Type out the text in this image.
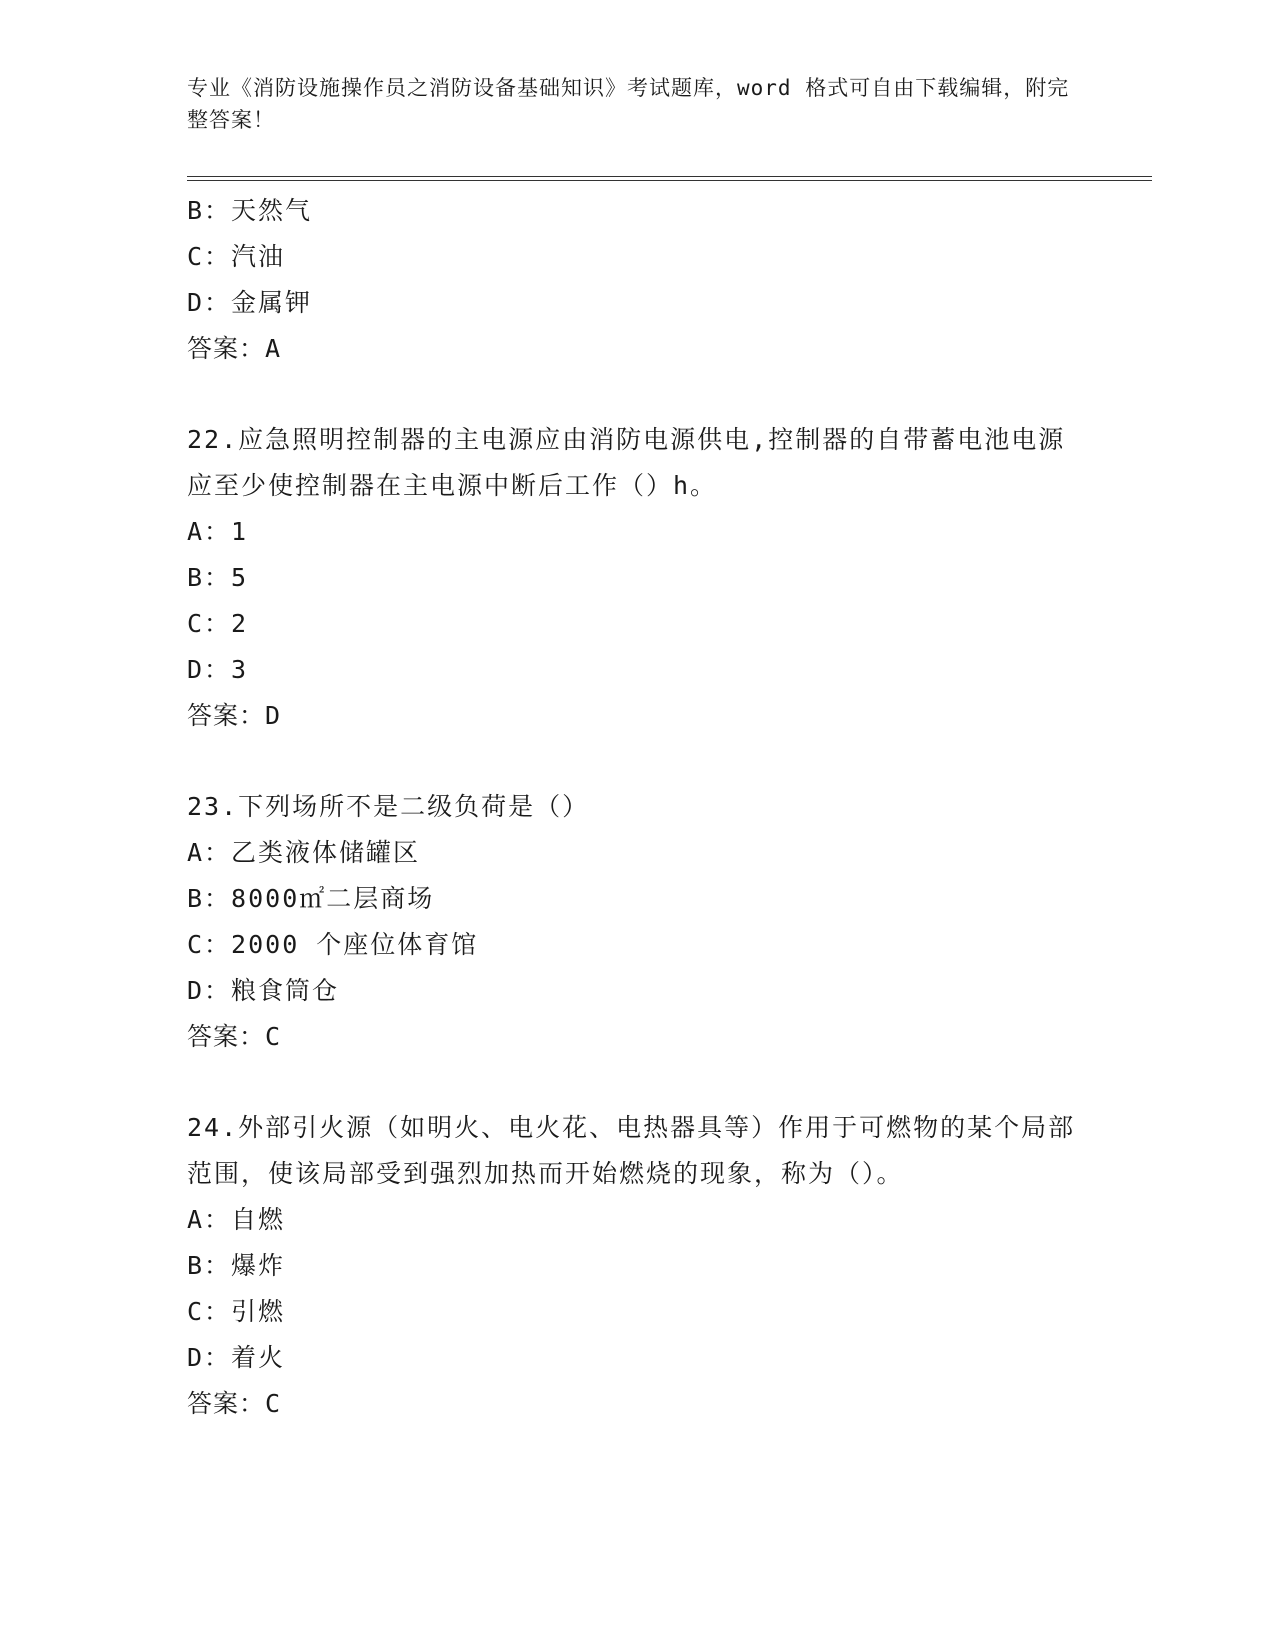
专业《消防设施操作员之消防设备基础知识》考试题库，word 格式可自由下载编辑，附完整答案！

B：天然气

C：汽油

D：金属钾

答案：A

22.应急照明控制器的主电源应由消防电源供电,控制器的自带蓄电池电源应至少使控制器在主电源中断后工作（）h。

A：1

B：5

C：2

D：3

答案：D

23.下列场所不是二级负荷是（）

A：乙类液体储罐区

B：8000㎡二层商场

C：2000 个座位体育馆

D：粮食筒仓

答案：C

24.外部引火源（如明火、电火花、电热器具等）作用于可燃物的某个局部范围，使该局部受到强烈加热而开始燃烧的现象，称为（）。

A：自燃

B：爆炸

C：引燃

D：着火

答案：C
